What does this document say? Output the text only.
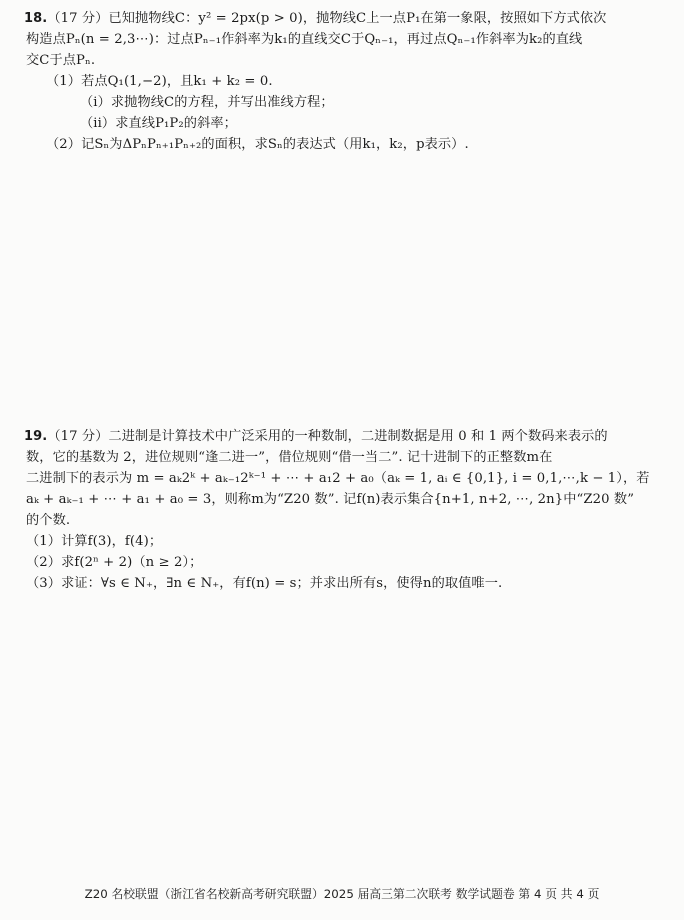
18.（17 分）已知抛物线C：y² = 2px(p > 0)，抛物线C上一点P₁在第一象限，按照如下方式依次
构造点Pₙ(n = 2,3⋯)：过点Pₙ₋₁作斜率为k₁的直线交C于Qₙ₋₁，再过点Qₙ₋₁作斜率为k₂的直线
交C于点Pₙ.
（1）若点Q₁(1,−2)，且k₁ + k₂ = 0.
（i）求抛物线C的方程，并写出准线方程；
（ii）求直线P₁P₂的斜率；
（2）记Sₙ为ΔPₙPₙ₊₁Pₙ₊₂的面积，求Sₙ的表达式（用k₁，k₂，p表示）.
19.（17 分）二进制是计算技术中广泛采用的一种数制，二进制数据是用 0 和 1 两个数码来表示的
数，它的基数为 2，进位规则“逢二进一”，借位规则“借一当二”. 记十进制下的正整数m在
二进制下的表示为 m = aₖ2ᵏ + aₖ₋₁2ᵏ⁻¹ + ⋯ + a₁2 + a₀（aₖ = 1, aᵢ ∈ {0,1}, i = 0,1,⋯,k − 1），若
aₖ + aₖ₋₁ + ⋯ + a₁ + a₀ = 3，则称m为“Z20 数”. 记f(n)表示集合{n+1, n+2, ⋯, 2n}中“Z20 数”
的个数.
（1）计算f(3)，f(4)；
（2）求f(2ⁿ + 2)（n ≥ 2）；
（3）求证：∀s ∈ N₊，∃n ∈ N₊，有f(n) = s；并求出所有s，使得n的取值唯一.
Z20 名校联盟（浙江省名校新高考研究联盟）2025 届高三第二次联考 数学试题卷 第 4 页 共 4 页
